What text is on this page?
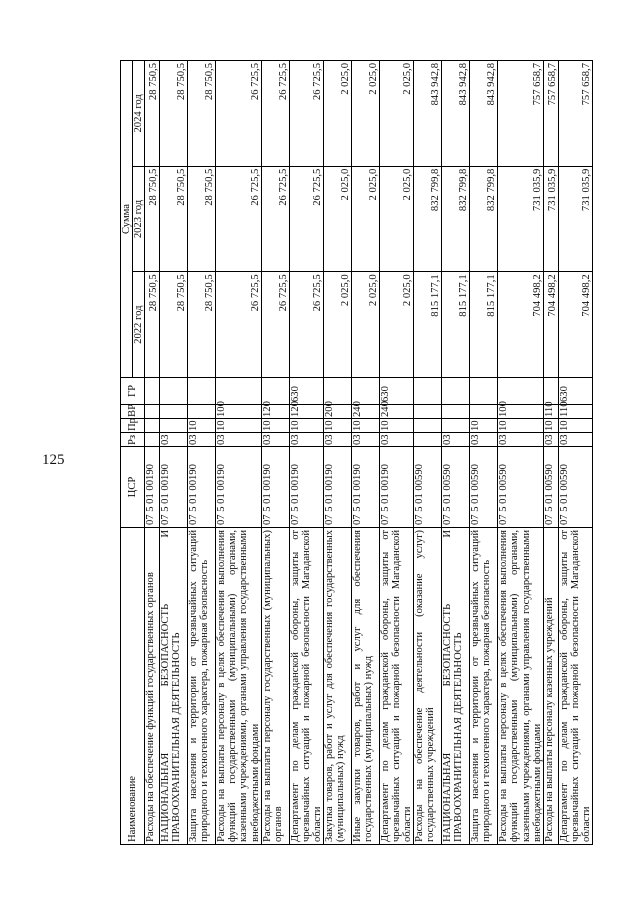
125
Наименование	ЦСР	Рз	Пр	ВР	ГР	Сумма		
						2022 год	2023 год	2024 год
Расходы на обеспечение функций государственных органов	07 5 01 00190					28 750,5	28 750,5	28 750,5
НАЦИОНАЛЬНАЯ БЕЗОПАСНОСТЬ И ПРАВООХРАНИТЕЛЬНАЯ ДЕЯТЕЛЬНОСТЬ	07 5 01 00190	03				28 750,5	28 750,5	28 750,5
Защита населения и территории от чрезвычайных ситуаций природного и техногенного характера, пожарная безопасность	07 5 01 00190	03	10			28 750,5	28 750,5	28 750,5
Расходы на выплаты персоналу в целях обеспечения выполнения функций государственными (муниципальными) органами, казенными учреждениями, органами управления государственными внебюджетными фондами	07 5 01 00190	03	10	100		26 725,5	26 725,5	26 725,5
Расходы на выплаты персоналу государственных (муниципальных) органов	07 5 01 00190	03	10	120		26 725,5	26 725,5	26 725,5
Департамент по делам гражданской обороны, защиты от чрезвычайных ситуаций и пожарной безопасности Магаданской области	07 5 01 00190	03	10	120	630	26 725,5	26 725,5	26 725,5
Закупка товаров, работ и услуг для обеспечения государственных (муниципальных) нужд	07 5 01 00190	03	10	200		2 025,0	2 025,0	2 025,0
Иные закупки товаров, работ и услуг для обеспечения государственных (муниципальных) нужд	07 5 01 00190	03	10	240		2 025,0	2 025,0	2 025,0
Департамент по делам гражданской обороны, защиты от чрезвычайных ситуаций и пожарной безопасности Магаданской области	07 5 01 00190	03	10	240	630	2 025,0	2 025,0	2 025,0
Расходы на обеспечение деятельности (оказание услуг) государственных учреждений	07 5 01 00590					815 177,1	832 799,8	843 942,8
НАЦИОНАЛЬНАЯ БЕЗОПАСНОСТЬ И ПРАВООХРАНИТЕЛЬНАЯ ДЕЯТЕЛЬНОСТЬ	07 5 01 00590	03				815 177,1	832 799,8	843 942,8
Защита населения и территории от чрезвычайных ситуаций природного и техногенного характера, пожарная безопасность	07 5 01 00590	03	10			815 177,1	832 799,8	843 942,8
Расходы на выплаты персоналу в целях обеспечения выполнения функций государственными (муниципальными) органами, казенными учреждениями, органами управления государственными внебюджетными фондами	07 5 01 00590	03	10	100		704 498,2	731 035,9	757 658,7
Расходы на выплаты персоналу казенных учреждений	07 5 01 00590	03	10	110		704 498,2	731 035,9	757 658,7
Департамент по делам гражданской обороны, защиты от чрезвычайных ситуаций и пожарной безопасности Магаданской области	07 5 01 00590	03	10	110	630	704 498,2	731 035,9	757 658,7
